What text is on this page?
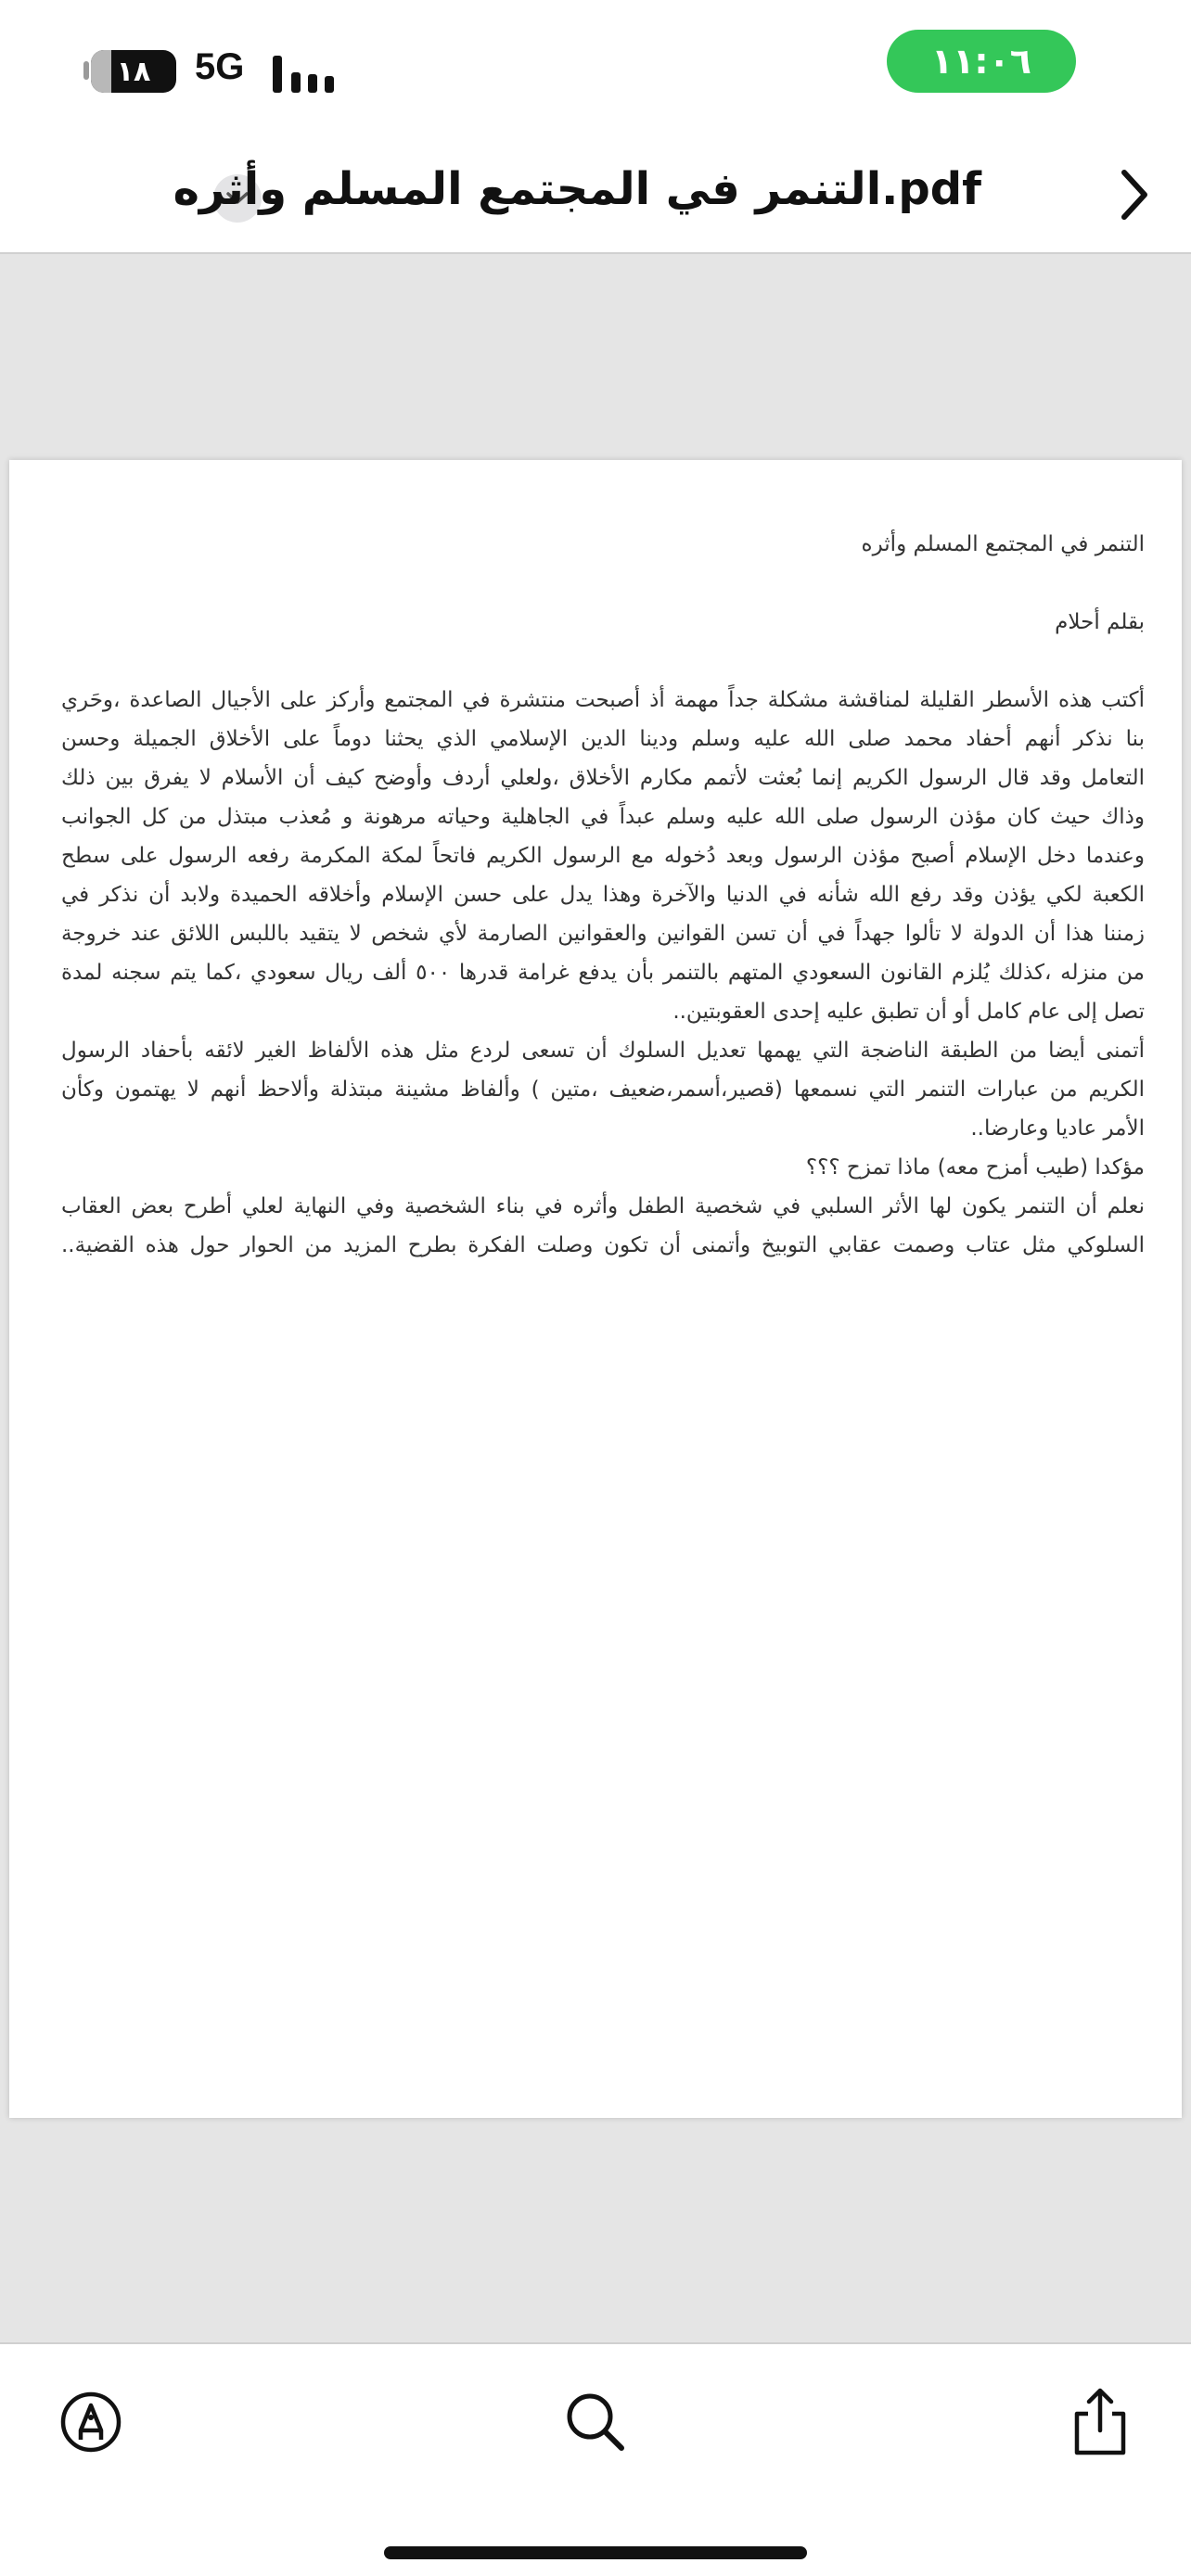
١٨ 5G	١١:٠٦
التنمر في المجتمع المسلم وأثره.pdf
التنمر في المجتمع المسلم وأثره
بقلم أحلام
أكتب هذه الأسطر القليلة لمناقشة مشكلة جداً مهمة أذ أصبحت منتشرة في المجتمع وأركز على الأجيال الصاعدة ،وحَري
بنا نذكر أنهم أحفاد محمد صلى الله عليه وسلم ودينا الدين الإسلامي الذي يحثنا دوماً على الأخلاق الجميلة وحسن
التعامل وقد قال الرسول الكريم إنما بُعثت لأتمم مكارم الأخلاق ،ولعلي أردف وأوضح كيف أن الأسلام لا يفرق بين ذلك
وذاك حيث كان مؤذن الرسول صلى الله عليه وسلم عبداً في الجاهلية وحياته مرهونة و مُعذب مبتذل من كل الجوانب
وعندما دخل الإسلام أصبح مؤذن الرسول وبعد دُخوله مع الرسول الكريم فاتحاً لمكة المكرمة رفعه الرسول على سطح
الكعبة لكي يؤذن وقد رفع الله شأنه في الدنيا والآخرة وهذا يدل على حسن الإسلام وأخلاقه الحميدة ولابد أن نذكر في
زمننا هذا أن الدولة لا تألوا جهداً في أن تسن القوانين والعقوانين الصارمة لأي شخص لا يتقيد باللبس اللائق عند خروجة
من منزله ،كذلك يُلزم القانون السعودي المتهم بالتنمر بأن يدفع غرامة قدرها ٥٠٠ ألف ريال سعودي ،كما يتم سجنه لمدة
تصل إلى عام كامل أو أن تطبق عليه إحدى العقوبتين..
أتمنى أيضا من الطبقة الناضجة التي يهمها تعديل السلوك أن تسعى لردع مثل هذه الألفاظ الغير لائقه بأحفاد الرسول
الكريم من عبارات التنمر التي نسمعها (قصير،أسمر،ضعيف ،متين ) وألفاظ مشينة مبتذلة وألاحظ أنهم لا يهتمون وكأن
الأمر عاديا وعارضا..
مؤكدا (طيب أمزح معه) ماذا تمزح ؟؟؟
نعلم أن التنمر يكون لها الأثر السلبي في شخصية الطفل وأثره في بناء الشخصية وفي النهاية لعلي أطرح بعض العقاب
السلوكي مثل عتاب وصمت عقابي التوبيخ وأتمنى أن تكون وصلت الفكرة بطرح المزيد من الحوار حول هذه القضية..
